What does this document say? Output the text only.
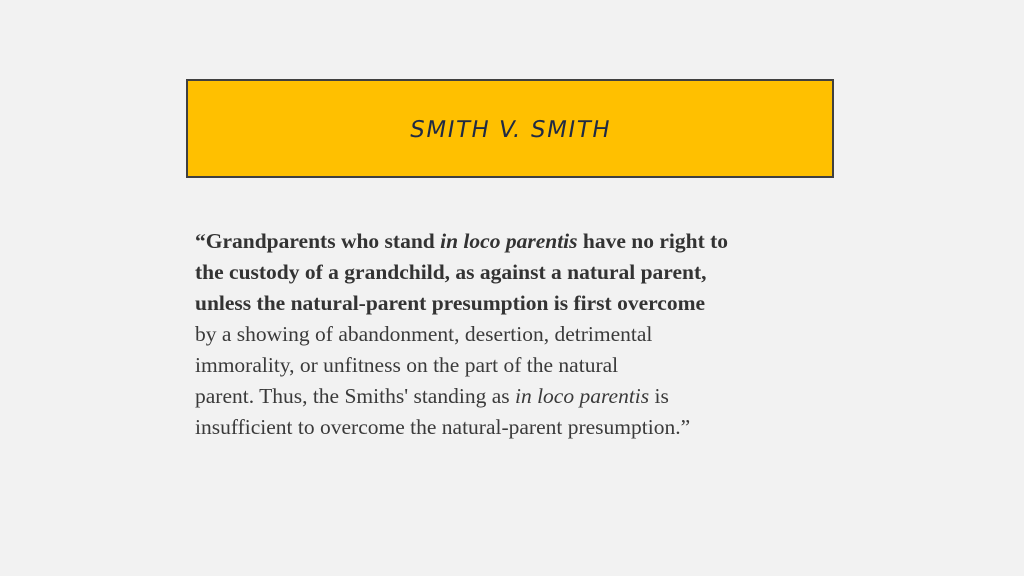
SMITH V. SMITH
“Grandparents who stand in loco parentis have no right to
the custody of a grandchild, as against a natural parent,
unless the natural-parent presumption is first overcome
by a showing of abandonment, desertion, detrimental
immorality, or unfitness on the part of the natural
parent. Thus, the Smiths' standing as in loco parentis is
insufficient to overcome the natural-parent presumption.”
